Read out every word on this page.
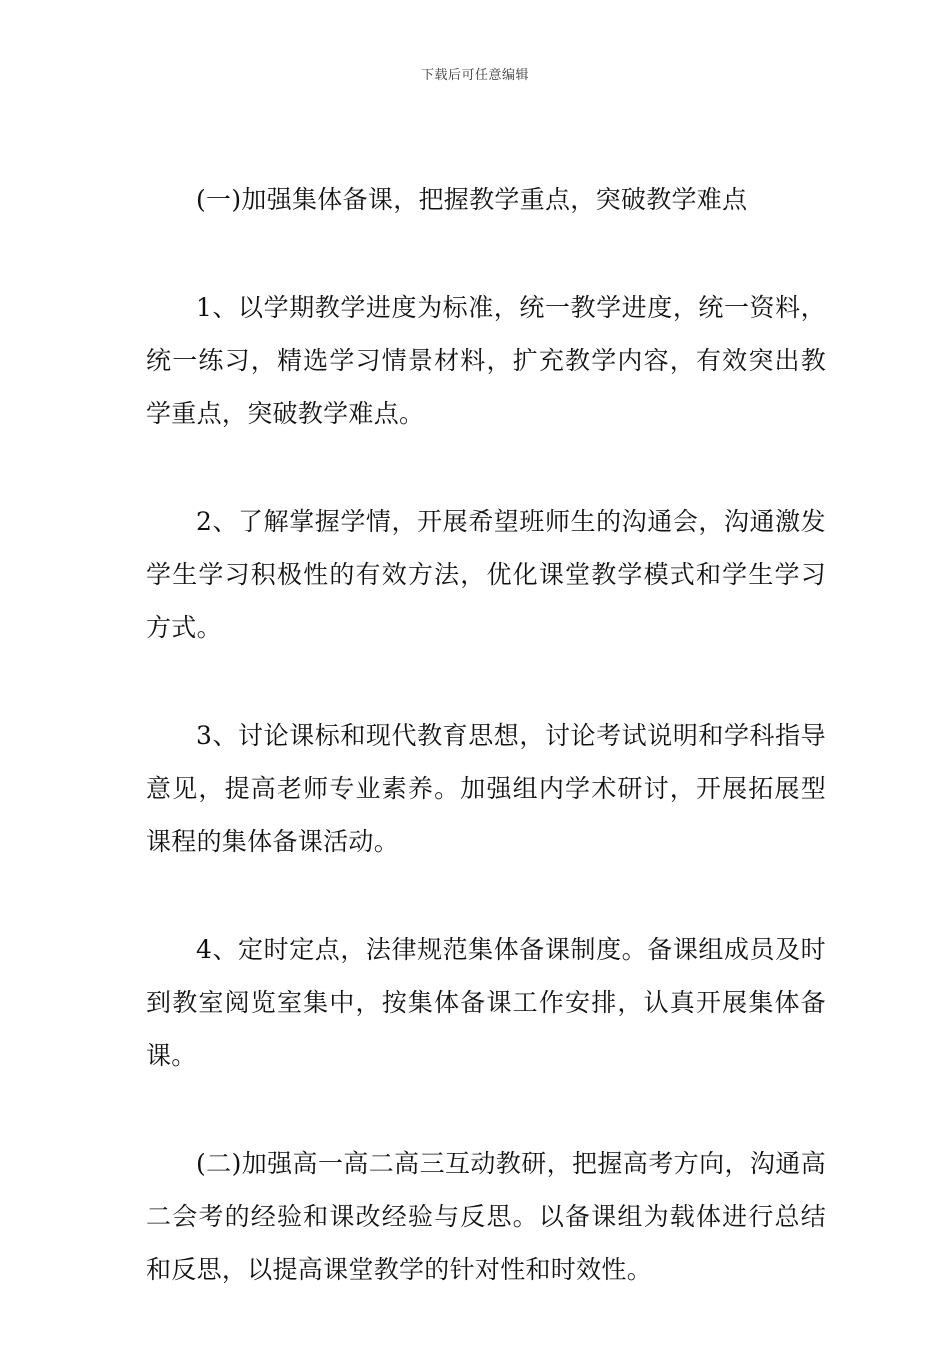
下载后可任意编辑

(一)加强集体备课，把握教学重点，突破教学难点

1、以学期教学进度为标准，统一教学进度，统一资料，统一练习，精选学习情景材料，扩充教学内容，有效突出教学重点，突破教学难点。

2、了解掌握学情，开展希望班师生的沟通会，沟通激发学生学习积极性的有效方法，优化课堂教学模式和学生学习方式。

3、讨论课标和现代教育思想，讨论考试说明和学科指导意见，提高老师专业素养。加强组内学术研讨，开展拓展型课程的集体备课活动。

4、定时定点，法律规范集体备课制度。备课组成员及时到教室阅览室集中，按集体备课工作安排，认真开展集体备课。

(二)加强高一高二高三互动教研，把握高考方向，沟通高二会考的经验和课改经验与反思。以备课组为载体进行总结和反思，以提高课堂教学的针对性和时效性。
